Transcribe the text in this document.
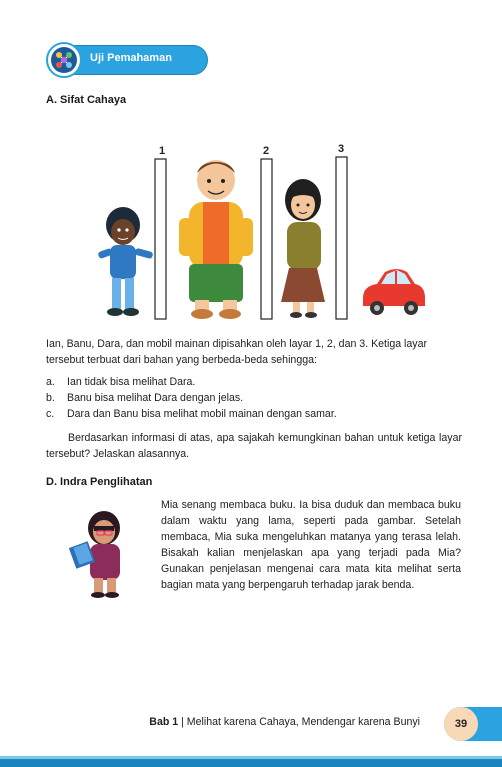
Uji Pemahaman
A. Sifat Cahaya
1	2	3

Ian, Banu, Dara, dan mobil mainan dipisahkan oleh layar 1, 2, dan 3. Ketiga layar tersebut terbuat dari bahan yang berbeda-beda sehingga:

a.	Ian tidak bisa melihat Dara.
b.	Banu bisa melihat Dara dengan jelas.
c.	Dara dan Banu bisa melihat mobil mainan dengan samar.

Berdasarkan informasi di atas, apa sajakah kemungkinan bahan untuk ketiga layar tersebut? Jelaskan alasannya.

D. Indra Penglihatan

Mia senang membaca buku. Ia bisa duduk dan membaca buku dalam waktu yang lama, seperti pada gambar. Setelah membaca, Mia suka mengeluhkan matanya yang terasa lelah. Bisakah kalian menjelaskan apa yang terjadi pada Mia? Gunakan penjelasan mengenai cara mata kita melihat serta bagian mata yang berpengaruh terhadap jarak benda.

Bab 1 | Melihat karena Cahaya, Mendengar karena Bunyi	39
